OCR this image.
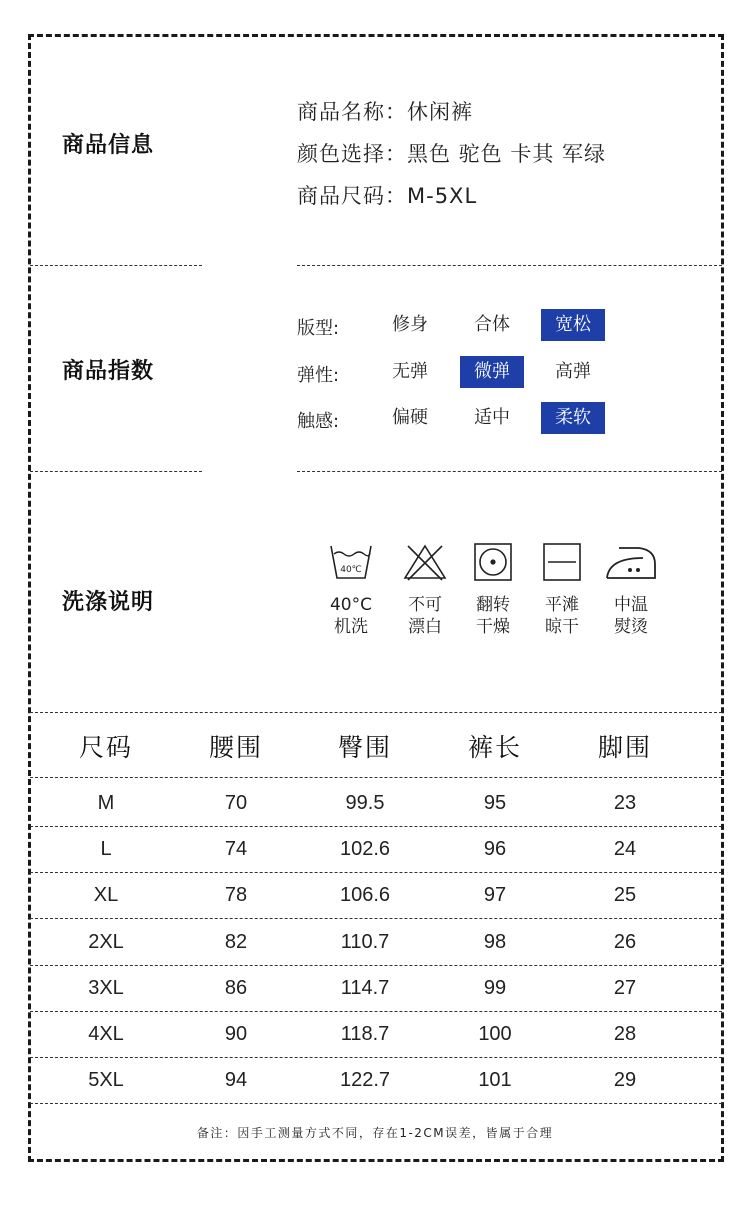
商品信息
商品名称：休闲裤
颜色选择：黑色 驼色 卡其 军绿
商品尺码：M-5XL
商品指数
版型:	修身	合体	宽松
弹性:	无弹	微弹	高弹
触感:	偏硬	适中	柔软
洗涤说明
40℃
40°C
机洗
不可
漂白
翻转
干燥
平滩
晾干
中温
熨烫
尺码	腰围	臀围	裤长	脚围
M	70	99.5	95	23
L	74	102.6	96	24
XL	78	106.6	97	25
2XL	82	110.7	98	26
3XL	86	114.7	99	27
4XL	90	118.7	100	28
5XL	94	122.7	101	29
备注：因手工测量方式不同，存在1-2CM误差，皆属于合理
